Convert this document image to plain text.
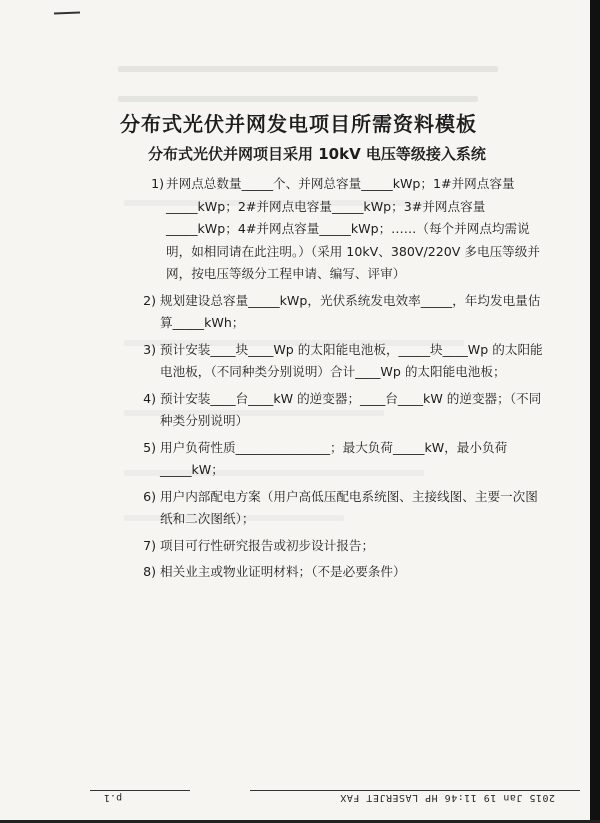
分布式光伏并网发电项目所需资料模板
分布式光伏并网项目采用 10kV 电压等级接入系统
1) 并网点总数量_____个、并网总容量_____kWp；1#并网点容量_____kWp；2#并网点电容量_____kWp；3#并网点容量_____kWp；4#并网点容量_____kWp；……（每个并网点均需说明，如相同请在此注明。）（采用 10kV、380V/220V 多电压等级并网，按电压等级分工程申请、编写、评审）
2) 规划建设总容量_____kWp，光伏系统发电效率_____，年均发电量估算_____kWh；
3) 预计安装____块____Wp 的太阳能电池板，_____块____Wp 的太阳能电池板，（不同种类分别说明）合计____Wp 的太阳能电池板；
4) 预计安装____台____kW 的逆变器；____台____kW 的逆变器；（不同种类分别说明）
5) 用户负荷性质_______________；最大负荷_____kW，最小负荷_____kW；
6) 用户内部配电方案（用户高低压配电系统图、主接线图、主要一次图纸和二次图纸）；
7) 项目可行性研究报告或初步设计报告；
8) 相关业主或物业证明材料；（不是必要条件）
p.1	2015 Jan 19 11:46 HP LASERJET FAX
